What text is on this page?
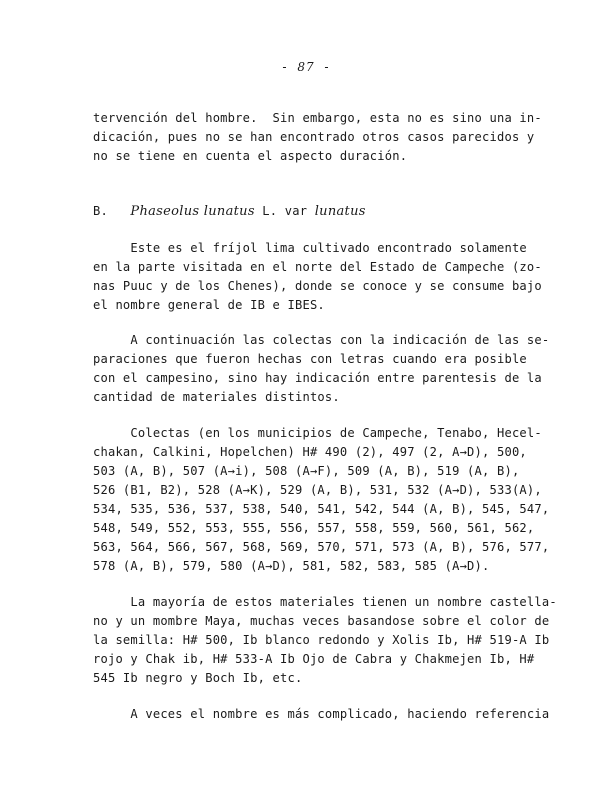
- 87 -
tervención del hombre.  Sin embargo, esta no es sino una in-
dicación, pues no se han encontrado otros casos parecidos y
no se tiene en cuenta el aspecto duración.
B.   Phaseolus lunatus L. var lunatus
Este es el fríjol lima cultivado encontrado solamente
en la parte visitada en el norte del Estado de Campeche (zo-
nas Puuc y de los Chenes), donde se conoce y se consume bajo
el nombre general de IB e IBES.
A continuación las colectas con la indicación de las se-
paraciones que fueron hechas con letras cuando era posible
con el campesino, sino hay indicación entre parentesis de la
cantidad de materiales distintos.
Colectas (en los municipios de Campeche, Tenabo, Hecel-
chakan, Calkini, Hopelchen) H# 490 (2), 497 (2, A→D), 500,
503 (A, B), 507 (A→i), 508 (A→F), 509 (A, B), 519 (A, B),
526 (B1, B2), 528 (A→K), 529 (A, B), 531, 532 (A→D), 533(A),
534, 535, 536, 537, 538, 540, 541, 542, 544 (A, B), 545, 547,
548, 549, 552, 553, 555, 556, 557, 558, 559, 560, 561, 562,
563, 564, 566, 567, 568, 569, 570, 571, 573 (A, B), 576, 577,
578 (A, B), 579, 580 (A→D), 581, 582, 583, 585 (A→D).
La mayoría de estos materiales tienen un nombre castella-
no y un mombre Maya, muchas veces basandose sobre el color de
la semilla: H# 500, Ib blanco redondo y Xolis Ib, H# 519-A Ib
rojo y Chak ib, H# 533-A Ib Ojo de Cabra y Chakmejen Ib, H#
545 Ib negro y Boch Ib, etc.
A veces el nombre es más complicado, haciendo referencia
